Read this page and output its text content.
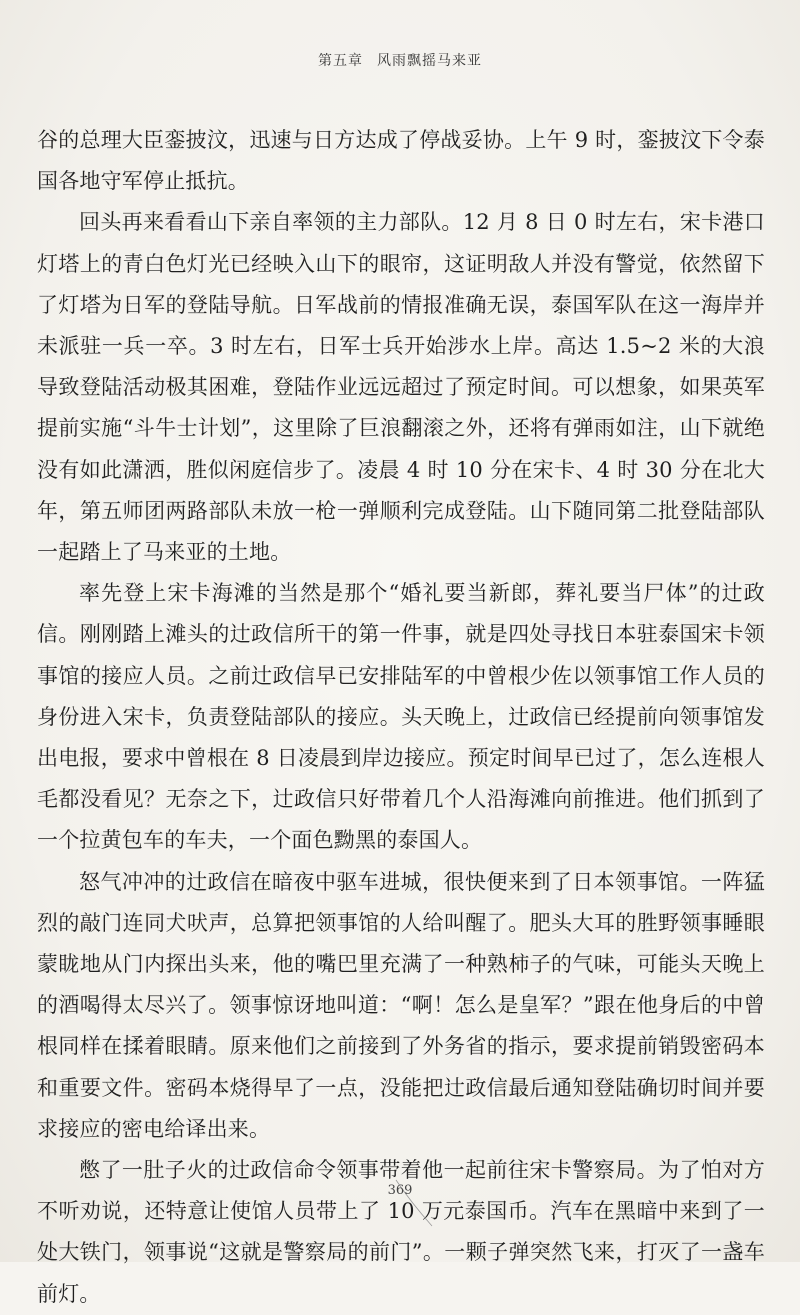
第五章 风雨飘摇马来亚

谷的总理大臣銮披汶，迅速与日方达成了停战妥协。上午 9 时，銮披汶下令泰国各地守军停止抵抗。

回头再来看看山下亲自率领的主力部队。12 月 8 日 0 时左右，宋卡港口灯塔上的青白色灯光已经映入山下的眼帘，这证明敌人并没有警觉，依然留下了灯塔为日军的登陆导航。日军战前的情报准确无误，泰国军队在这一海岸并未派驻一兵一卒。3 时左右，日军士兵开始涉水上岸。高达 1.5~2 米的大浪导致登陆活动极其困难，登陆作业远远超过了预定时间。可以想象，如果英军提前实施“斗牛士计划”，这里除了巨浪翻滚之外，还将有弹雨如注，山下就绝没有如此潇洒，胜似闲庭信步了。凌晨 4 时 10 分在宋卡、4 时 30 分在北大年，第五师团两路部队未放一枪一弹顺利完成登陆。山下随同第二批登陆部队一起踏上了马来亚的土地。

率先登上宋卡海滩的当然是那个“婚礼要当新郎，葬礼要当尸体”的辻政信。刚刚踏上滩头的辻政信所干的第一件事，就是四处寻找日本驻泰国宋卡领事馆的接应人员。之前辻政信早已安排陆军的中曾根少佐以领事馆工作人员的身份进入宋卡，负责登陆部队的接应。头天晚上，辻政信已经提前向领事馆发出电报，要求中曾根在 8 日凌晨到岸边接应。预定时间早已过了，怎么连根人毛都没看见？无奈之下，辻政信只好带着几个人沿海滩向前推进。他们抓到了一个拉黄包车的车夫，一个面色黝黑的泰国人。

怒气冲冲的辻政信在暗夜中驱车进城，很快便来到了日本领事馆。一阵猛烈的敲门连同犬吠声，总算把领事馆的人给叫醒了。肥头大耳的胜野领事睡眼蒙眬地从门内探出头来，他的嘴巴里充满了一种熟柿子的气味，可能头天晚上的酒喝得太尽兴了。领事惊讶地叫道：“啊！怎么是皇军？”跟在他身后的中曾根同样在揉着眼睛。原来他们之前接到了外务省的指示，要求提前销毁密码本和重要文件。密码本烧得早了一点，没能把辻政信最后通知登陆确切时间并要求接应的密电给译出来。

憋了一肚子火的辻政信命令领事带着他一起前往宋卡警察局。为了怕对方不听劝说，还特意让使馆人员带上了 10 万元泰国币。汽车在黑暗中来到了一处大铁门，领事说“这就是警察局的前门”。一颗子弹突然飞来，打灭了一盏车前灯。

369
